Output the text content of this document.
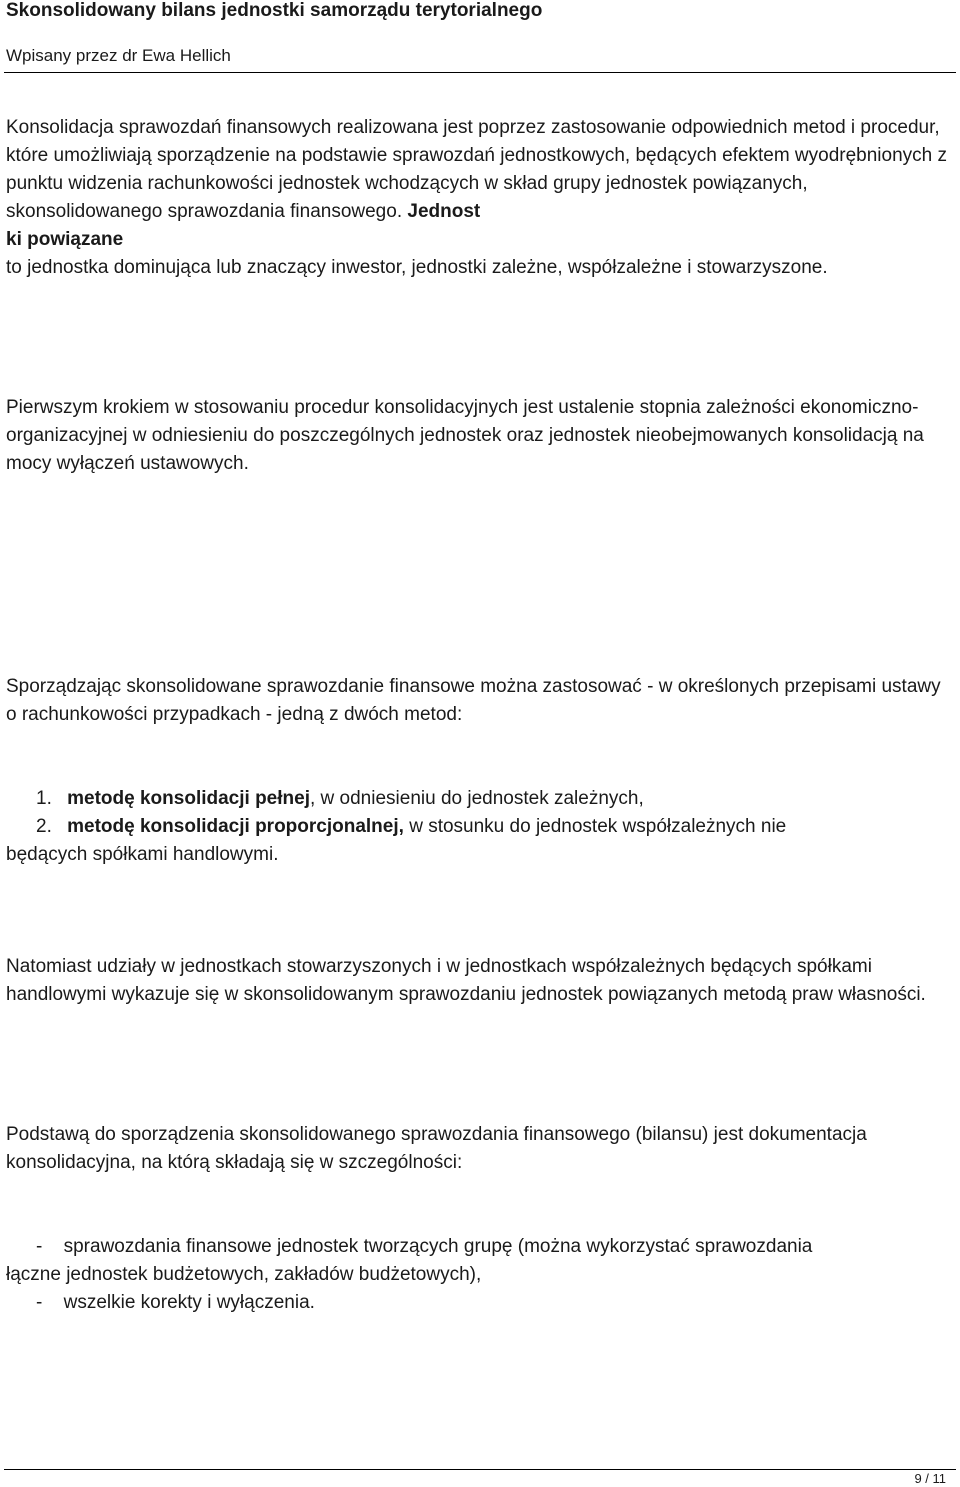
Skonsolidowany bilans jednostki samorządu terytorialnego
Wpisany przez dr Ewa Hellich

Konsolidacja sprawozdań finansowych realizowana jest poprzez zastosowanie odpowiednich metod i procedur, które umożliwiają sporządzenie na podstawie sprawozdań jednostkowych, będących efektem wyodrębnionych z punktu widzenia rachunkowości jednostek wchodzących w skład grupy jednostek powiązanych, skonsolidowanego sprawozdania finansowego. Jednost
ki powiązane
to jednostka dominująca lub znaczący inwestor, jednostki zależne, współzależne i stowarzyszone.

Pierwszym krokiem w stosowaniu procedur konsolidacyjnych jest ustalenie stopnia zależności ekonomiczno-organizacyjnej w odniesieniu do poszczególnych jednostek oraz jednostek nieobejmowanych konsolidacją na mocy wyłączeń ustawowych.

Sporządzając skonsolidowane sprawozdanie finansowe można zastosować - w określonych przepisami ustawy o rachunkowości przypadkach - jedną z dwóch metod:

1. metodę konsolidacji pełnej, w odniesieniu do jednostek zależnych,
2. metodę konsolidacji proporcjonalnej, w stosunku do jednostek współzależnych nie
będących spółkami handlowymi.

Natomiast udziały w jednostkach stowarzyszonych i w jednostkach współzależnych będących spółkami handlowymi wykazuje się w skonsolidowanym sprawozdaniu jednostek powiązanych metodą praw własności.

Podstawą do sporządzenia skonsolidowanego sprawozdania finansowego (bilansu) jest dokumentacja konsolidacyjna, na którą składają się w szczególności:

- sprawozdania finansowe jednostek tworzących grupę (można wykorzystać sprawozdania
łączne jednostek budżetowych, zakładów budżetowych),
- wszelkie korekty i wyłączenia.
9 / 11
